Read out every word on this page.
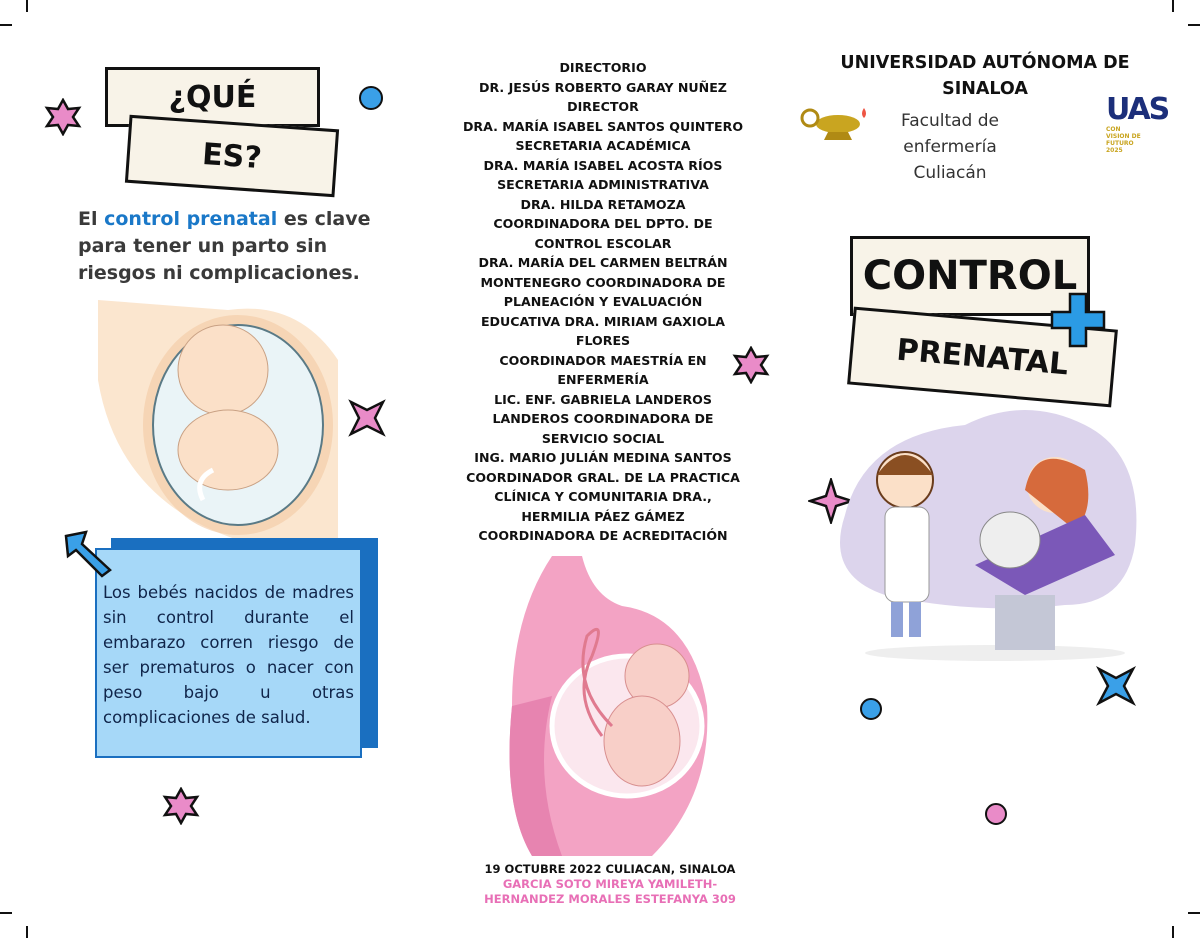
¿QUÉ
ES?
El control prenatal es clave para tener un parto sin riesgos ni complicaciones.
Los bebés nacidos de madres sin control durante el embarazo corren riesgo de ser prematuros o nacer con peso bajo u otras complicaciones de salud.
DIRECTORIO
DR. JESÚS ROBERTO GARAY NUÑEZ
DIRECTOR
DRA. MARÍA ISABEL SANTOS QUINTERO
SECRETARIA ACADÉMICA
DRA. MARÍA ISABEL ACOSTA RÍOS
SECRETARIA ADMINISTRATIVA
DRA. HILDA RETAMOZA
COORDINADORA DEL DPTO. DE
CONTROL ESCOLAR
DRA. MARÍA DEL CARMEN BELTRÁN
MONTENEGRO COORDINADORA DE
PLANEACIÓN Y EVALUACIÓN
EDUCATIVA DRA. MIRIAM GAXIOLA
FLORES
COORDINADOR MAESTRÍA EN
ENFERMERÍA
LIC. ENF. GABRIELA LANDEROS
LANDEROS COORDINADORA DE
SERVICIO SOCIAL
ING. MARIO JULIÁN MEDINA SANTOS
COORDINADOR GRAL. DE LA PRACTICA
CLÍNICA Y COMUNITARIA DRA.,
HERMILIA PÁEZ GÁMEZ
COORDINADORA DE ACREDITACIÓN
19 OCTUBRE 2022 CULIACAN, SINALOA
GARCIA SOTO MIREYA YAMILETH-
HERNANDEZ MORALES ESTEFANYA 309
UNIVERSIDAD AUTÓNOMA DE SINALOA
Facultad de enfermería
Culiacán
UAS
CON VISION DE FUTURO 2025
CONTROL
PRENATAL
